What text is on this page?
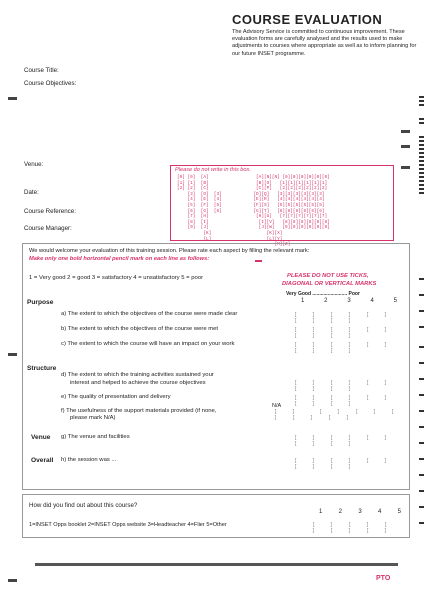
COURSE EVALUATION
The Advisory Service is committed to continuous improvement. These evaluation forms are carefully analysed and the results used to make adjustments to courses where appropriate as well as to inform planning for our future INSET programme.
Course Title:
Course Objectives:
Venue:
Date:
Course Reference:
Course Manager:
Please do not write in this box.
[0] [0]  [A]                  [A][N][N] [0][0][0][0][0][0]
[1] [1]  [B]                  [B][O]   [1][1][1][1][1][1]
[2] [2]  [C]                  [C][P]   [2][2][2][2][2][2]
[3]  [D]  [3]            [D][Q]   [3][3][3][3][3][3]
[4]  [E]  [4]            [E][R]   [4][4][4][4][4][4]
[5]  [F]  [5]            [F][S]   [5][5][5][5][5][5]
[6]  [G]  [6]            [G][T]   [6][6][6][6][6][6]
[7]  [H]                  [H][U]   [7][7][7][7][7][7]
[8]  [I]                   [I][V]   [8][8][8][8][8][8]
[9]  [J]                   [J][W]   [9][9][9][9][9][9]
[K]                     [K][X]
[L]                     [L][Y]
[M][Z]
We would welcome your evaluation of this training session. Please rate each aspect by filling the relevant mark:
Make only one bold horizontal pencil mark on each line as follows:
1 = Very good 2 = good 3 = satisfactory 4 = unsatisfactory 5 = poor	PLEASE DO NOT USE TICKS,
DIAGONAL OR VERTICAL MARKS
Very Good ......................... Poor
1	2	3	4	5
Purpose
a) The extent to which the objectives of the course were made clear	[ ] [ ] [ ] [ ] [ ]
b) The extent to which the objectives of the course were met	[ ] [ ] [ ] [ ] [ ]
c) The extent to which the course will have an impact on your work	[ ] [ ] [ ] [ ] [ ]
Structure
d) The extent to which the training activities sustained your
interest and helped to achieve the course objectives	[ ] [ ] [ ] [ ] [ ]
e) The quality of presentation and delivery	[ ] [ ] [ ] [ ] [ ]
N/A
f) The usefulness of the support materials provided (if none,
please mark N/A)
[ ]  [ ] [ ] [ ] [ ] [ ]
Venue g) The venue and facilities	[ ] [ ] [ ] [ ] [ ]
Overall h) the session was ...	[ ] [ ] [ ] [ ] [ ]
How did you find out about this course?
1	2	3	4	5
1=INSET Opps booklet 2=INSET Opps website 3=Headteacher 4=Flier 5=Other	[ ] [ ] [ ] [ ] [ ]
PTO
